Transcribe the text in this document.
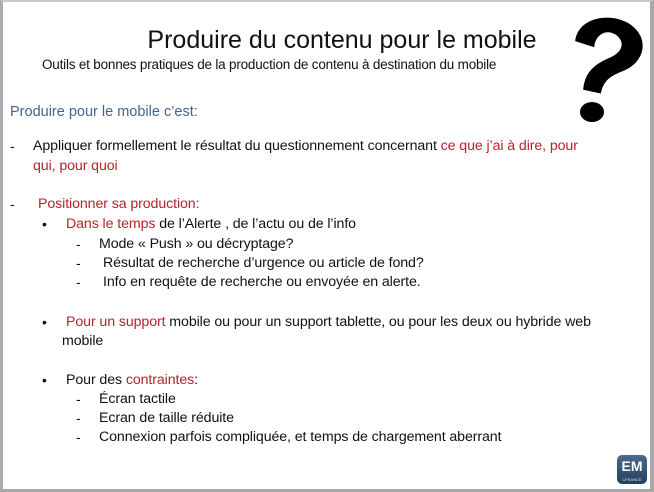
Produire du contenu pour le mobile
Outils et bonnes pratiques de la production de contenu à destination du mobile
Produire pour le mobile c’est:
- Appliquer formellement le résultat du questionnement concernant ce que j’ai à dire, pour
qui, pour quoi
- Positionner sa production:
• Dans le temps de l’Alerte , de l’actu ou de l’info
- Mode « Push » ou décryptage?
- Résultat de recherche d’urgence ou article de fond?
- Info en requête de recherche ou envoyée en alerte.
• Pour un support mobile ou pour un support tablette, ou pour les deux ou hybride web
mobile
• Pour des contraintes:
- Écran tactile
- Ecran de taille réduite
- Connexion parfois compliquée, et temps de chargement aberrant
EM
CFRANCE
